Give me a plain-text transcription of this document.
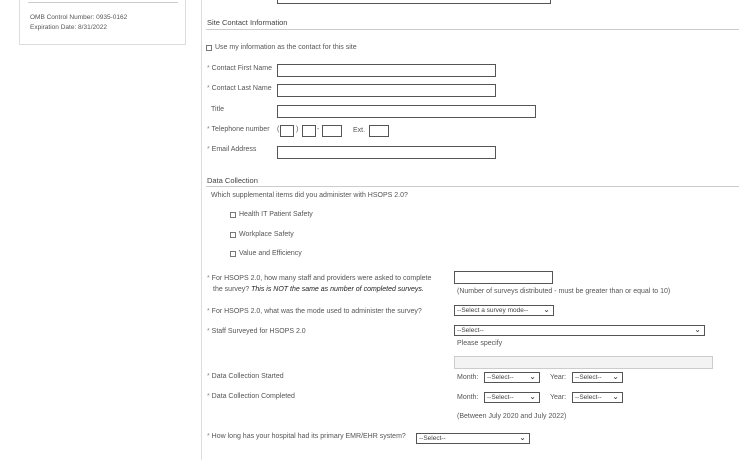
OMB Control Number: 0935-0162
Expiration Date: 8/31/2022
Site Contact Information
Use my information as the contact for this site
* Contact First Name
* Contact Last Name
Title
* Telephone number ( )	-	Ext.
* Email Address
Data Collection
Which supplemental items did you administer with HSOPS 2.0?
Health IT Patient Safety
Workplace Safety
Value and Efficiency
* For HSOPS 2.0, how many staff and providers were asked to complete
the survey? This is NOT the same as number of completed surveys.	(Number of surveys distributed - must be greater than or equal to 10)
* For HSOPS 2.0, what was the mode used to administer the survey?	--Select a survey mode-- ⌄
* Staff Surveyed for HSOPS 2.0	--Select--	⌄
Please specify
* Data Collection Started	Month:	--Select-- ⌄ Year:	--Select-- ⌄
* Data Collection Completed	Month:	--Select-- ⌄ Year:	--Select-- ⌄
(Between July 2020 and July 2022)
* How long has your hospital had its primary EMR/EHR system?	--Select--	⌄
